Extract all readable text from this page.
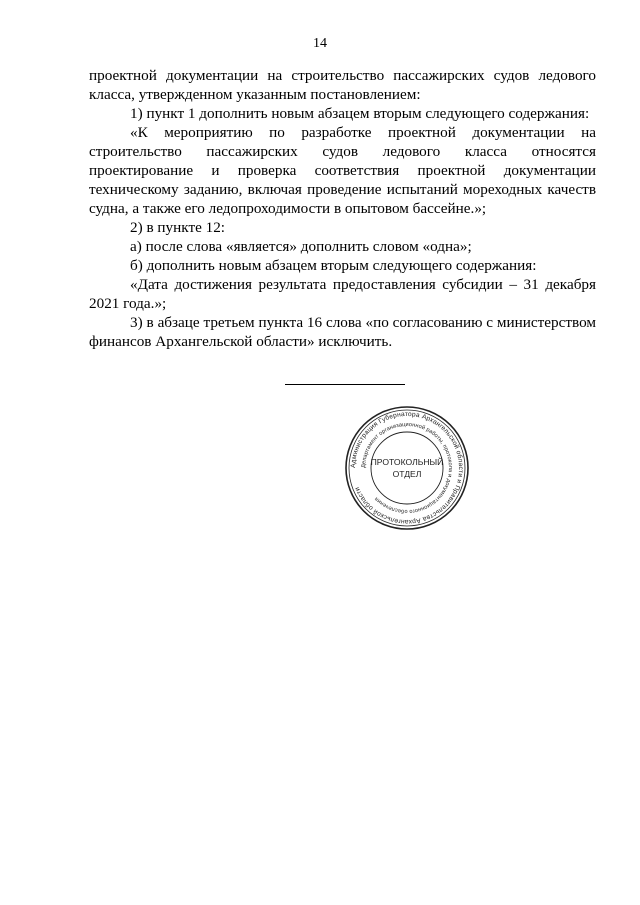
14

проектной документации на строительство пассажирских судов ледового класса, утвержденном указанным постановлением:

1) пункт 1 дополнить новым абзацем вторым следующего содержания:

«К мероприятию по разработке проектной документации на строительство пассажирских судов ледового класса относятся проектирование и проверка соответствия проектной документации техническому заданию, включая проведение испытаний мореходных качеств судна, а также его ледопроходимости в опытовом бассейне.»;

2) в пункте 12:

а) после слова «является» дополнить словом «одна»;

б) дополнить новым абзацем вторым следующего содержания:

«Дата достижения результата предоставления субсидии – 31 декабря 2021 года.»;

3) в абзаце третьем пункта 16 слова «по согласованию с министерством финансов Архангельской области» исключить.

Администрация Губернатора Архангельской области и Правительства Архангельской области
Департамент организационной работы, протокола и документационного обеспечения
ПРОТОКОЛЬНЫЙ
ОТДЕЛ
